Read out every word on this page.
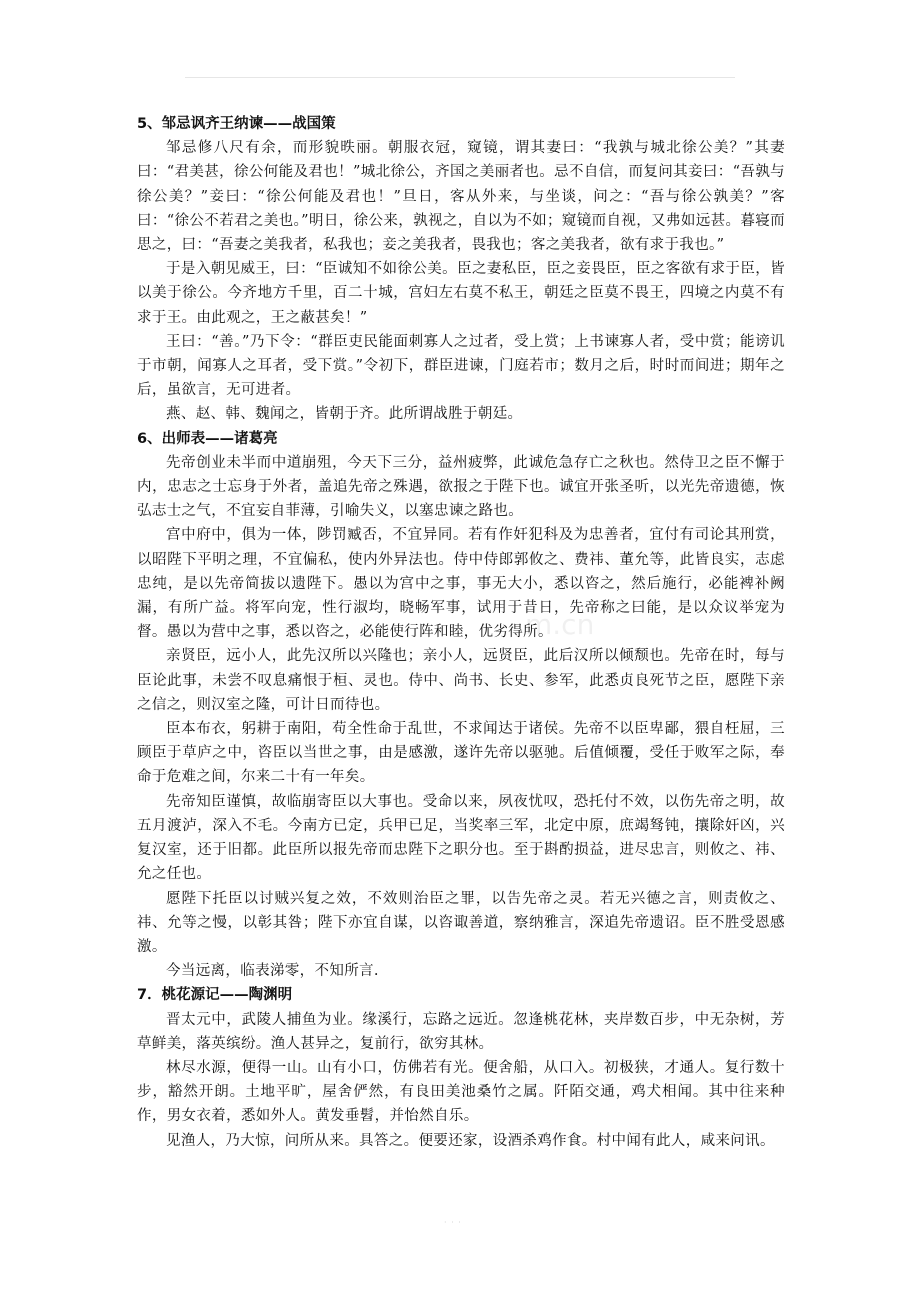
m.cn

5、邹忌讽齐王纳谏——战国策

邹忌修八尺有余，而形貌昳丽。朝服衣冠，窥镜，谓其妻曰：“我孰与城北徐公美？”其妻曰：“君美甚，徐公何能及君也！”城北徐公，齐国之美丽者也。忌不自信，而复问其妾曰：“吾孰与徐公美？”妾曰：“徐公何能及君也！”旦日，客从外来，与坐谈，问之：“吾与徐公孰美？”客曰：“徐公不若君之美也。”明日，徐公来，孰视之，自以为不如；窥镜而自视，又弗如远甚。暮寝而思之，曰：“吾妻之美我者，私我也；妾之美我者，畏我也；客之美我者，欲有求于我也。”

于是入朝见威王，曰：“臣诚知不如徐公美。臣之妻私臣，臣之妾畏臣，臣之客欲有求于臣，皆以美于徐公。今齐地方千里，百二十城，宫妇左右莫不私王，朝廷之臣莫不畏王，四境之内莫不有求于王。由此观之，王之蔽甚矣！”

王曰：“善。”乃下令：“群臣吏民能面刺寡人之过者，受上赏；上书谏寡人者，受中赏；能谤讥于市朝，闻寡人之耳者，受下赏。”令初下，群臣进谏，门庭若市；数月之后，时时而间进；期年之后，虽欲言，无可进者。

燕、赵、韩、魏闻之，皆朝于齐。此所谓战胜于朝廷。

6、出师表——诸葛亮

先帝创业未半而中道崩殂，今天下三分，益州疲弊，此诚危急存亡之秋也。然侍卫之臣不懈于内，忠志之士忘身于外者，盖追先帝之殊遇，欲报之于陛下也。诚宜开张圣听，以光先帝遗德，恢弘志士之气，不宜妄自菲薄，引喻失义，以塞忠谏之路也。

宫中府中，俱为一体，陟罚臧否，不宜异同。若有作奸犯科及为忠善者，宜付有司论其刑赏，以昭陛下平明之理，不宜偏私，使内外异法也。侍中侍郎郭攸之、费祎、董允等，此皆良实，志虑忠纯，是以先帝简拔以遗陛下。愚以为宫中之事，事无大小，悉以咨之，然后施行，必能裨补阙漏，有所广益。将军向宠，性行淑均，晓畅军事，试用于昔日，先帝称之曰能，是以众议举宠为督。愚以为营中之事，悉以咨之，必能使行阵和睦，优劣得所。

亲贤臣，远小人，此先汉所以兴隆也；亲小人，远贤臣，此后汉所以倾颓也。先帝在时，每与臣论此事，未尝不叹息痛恨于桓、灵也。侍中、尚书、长史、参军，此悉贞良死节之臣，愿陛下亲之信之，则汉室之隆，可计日而待也。

臣本布衣，躬耕于南阳，苟全性命于乱世，不求闻达于诸侯。先帝不以臣卑鄙，猥自枉屈，三顾臣于草庐之中，咨臣以当世之事，由是感激，遂许先帝以驱驰。后值倾覆，受任于败军之际，奉命于危难之间，尔来二十有一年矣。

先帝知臣谨慎，故临崩寄臣以大事也。受命以来，夙夜忧叹，恐托付不效，以伤先帝之明，故五月渡泸，深入不毛。今南方已定，兵甲已足，当奖率三军，北定中原，庶竭驽钝，攘除奸凶，兴复汉室，还于旧都。此臣所以报先帝而忠陛下之职分也。至于斟酌损益，进尽忠言，则攸之、祎、允之任也。

愿陛下托臣以讨贼兴复之效，不效则治臣之罪，以告先帝之灵。若无兴德之言，则责攸之、祎、允等之慢，以彰其咎；陛下亦宜自谋，以咨诹善道，察纳雅言，深追先帝遗诏。臣不胜受恩感激。

今当远离，临表涕零，不知所言.

7．桃花源记——陶渊明

晋太元中，武陵人捕鱼为业。缘溪行，忘路之远近。忽逢桃花林，夹岸数百步，中无杂树，芳草鲜美，落英缤纷。渔人甚异之，复前行，欲穷其林。

林尽水源，便得一山。山有小口，仿佛若有光。便舍船，从口入。初极狭，才通人。复行数十步，豁然开朗。土地平旷，屋舍俨然，有良田美池桑竹之属。阡陌交通，鸡犬相闻。其中往来种作，男女衣着，悉如外人。黄发垂髫，并怡然自乐。

见渔人，乃大惊，问所从来。具答之。便要还家，设酒杀鸡作食。村中闻有此人，咸来问讯。

· · ·
